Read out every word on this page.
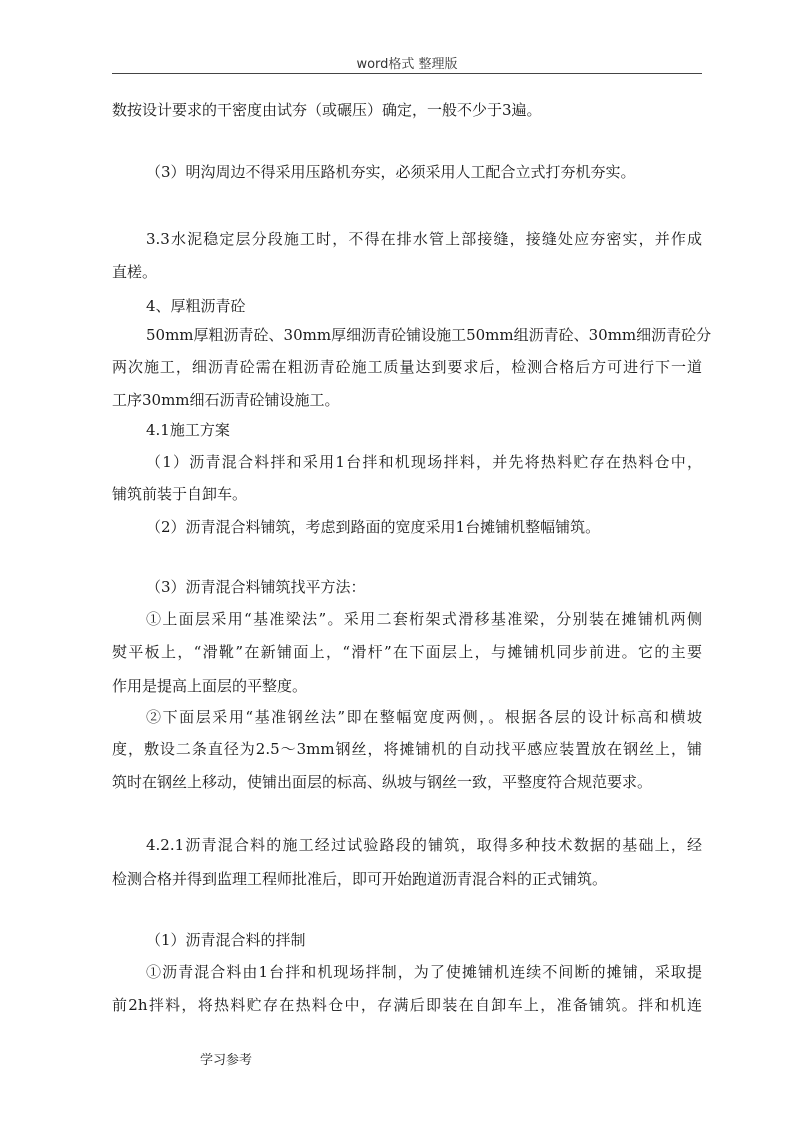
word格式 整理版
数按设计要求的干密度由试夯（或碾压）确定，一般不少于3遍。
（3）明沟周边不得采用压路机夯实，必须采用人工配合立式打夯机夯实。
3.3水泥稳定层分段施工时，不得在排水管上部接缝，接缝处应夯密实，并作成
直槎。
4、厚粗沥青砼
50mm厚粗沥青砼、30mm厚细沥青砼铺设施工50mm组沥青砼、30mm细沥青砼分
两次施工，细沥青砼需在粗沥青砼施工质量达到要求后，检测合格后方可进行下一道
工序30mm细石沥青砼铺设施工。
4.1施工方案
（1）沥青混合料拌和采用1台拌和机现场拌料，并先将热料贮存在热料仓中，
铺筑前装于自卸车。
（2）沥青混合料铺筑，考虑到路面的宽度采用1台摊铺机整幅铺筑。
（3）沥青混合料铺筑找平方法：
①上面层采用“基准梁法”。采用二套桁架式滑移基准梁，分别装在摊铺机两侧
熨平板上，“滑靴”在新铺面上，“滑杆”在下面层上，与摊铺机同步前进。它的主要
作用是提高上面层的平整度。
②下面层采用“基准钢丝法”即在整幅宽度两侧，。根据各层的设计标高和横坡
度，敷设二条直径为2.5～3mm钢丝，将摊铺机的自动找平感应装置放在钢丝上，铺
筑时在钢丝上移动，使铺出面层的标高、纵坡与钢丝一致，平整度符合规范要求。
4.2.1沥青混合料的施工经过试验路段的铺筑，取得多种技术数据的基础上，经
检测合格并得到监理工程师批准后，即可开始跑道沥青混合料的正式铺筑。
（1）沥青混合料的拌制
①沥青混合料由1台拌和机现场拌制，为了使摊铺机连续不间断的摊铺，采取提
前2h拌料，将热料贮存在热料仓中，存满后即装在自卸车上，准备铺筑。拌和机连
学习参考
